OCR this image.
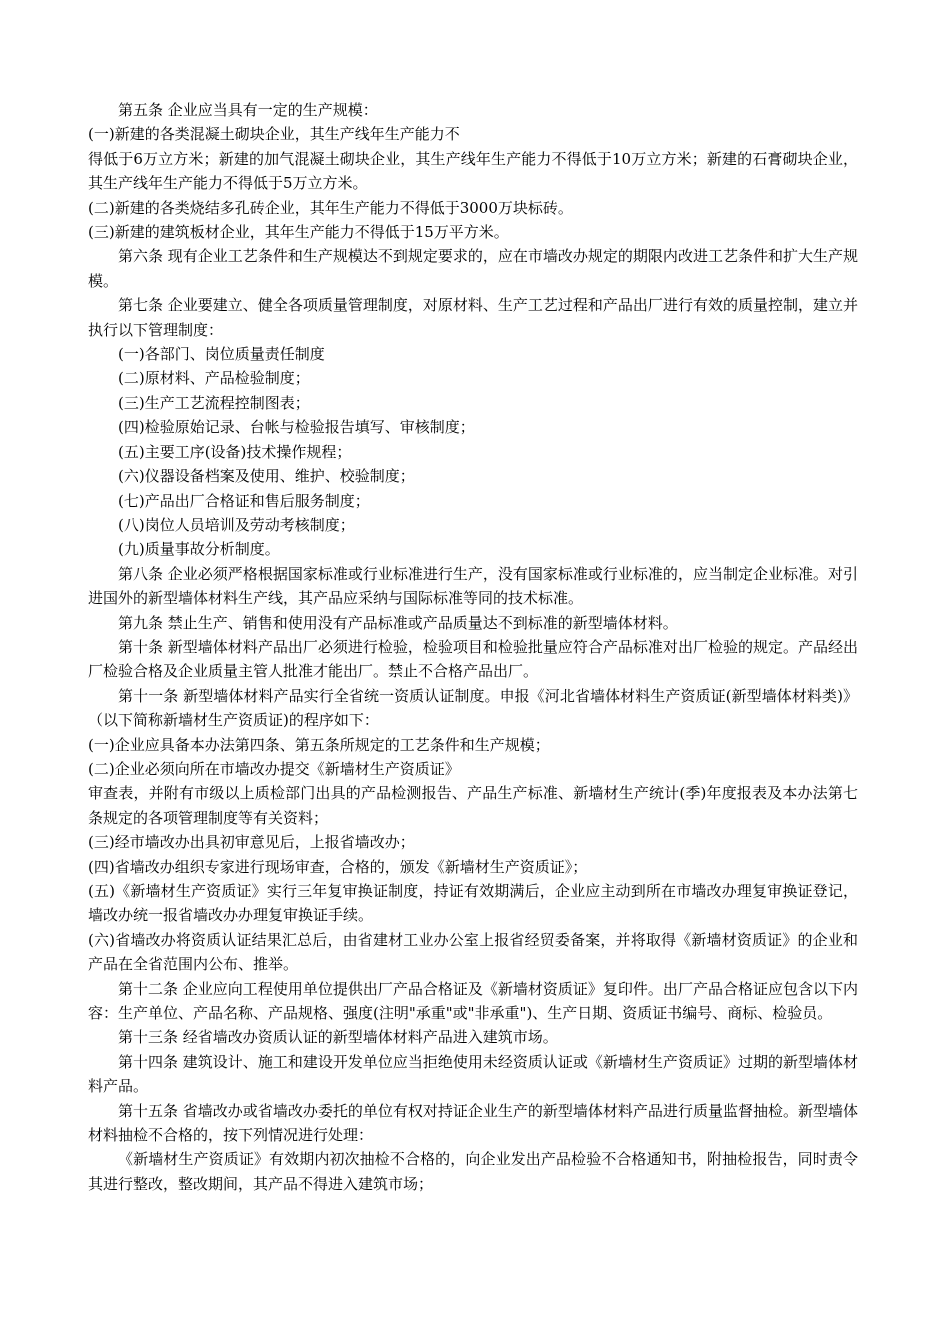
第五条 企业应当具有一定的生产规模：

(一)新建的各类混凝土砌块企业，其生产线年生产能力不

得低于6万立方米；新建的加气混凝土砌块企业，其生产线年生产能力不得低于10万立方米；新建的石膏砌块企业，其生产线年生产能力不得低于5万立方米。

(二)新建的各类烧结多孔砖企业，其年生产能力不得低于3000万块标砖。

(三)新建的建筑板材企业，其年生产能力不得低于15万平方米。

第六条 现有企业工艺条件和生产规模达不到规定要求的，应在市墙改办规定的期限内改进工艺条件和扩大生产规模。

第七条 企业要建立、健全各项质量管理制度，对原材料、生产工艺过程和产品出厂进行有效的质量控制，建立并执行以下管理制度：

(一)各部门、岗位质量责任制度

(二)原材料、产品检验制度；

(三)生产工艺流程控制图表；

(四)检验原始记录、台帐与检验报告填写、审核制度；

(五)主要工序(设备)技术操作规程；

(六)仪器设备档案及使用、维护、校验制度；

(七)产品出厂合格证和售后服务制度；

(八)岗位人员培训及劳动考核制度；

(九)质量事故分析制度。

第八条 企业必须严格根据国家标准或行业标准进行生产，没有国家标准或行业标准的，应当制定企业标准。对引进国外的新型墙体材料生产线，其产品应采纳与国际标准等同的技术标准。

第九条 禁止生产、销售和使用没有产品标准或产品质量达不到标准的新型墙体材料。

第十条 新型墙体材料产品出厂必须进行检验，检验项目和检验批量应符合产品标准对出厂检验的规定。产品经出厂检验合格及企业质量主管人批准才能出厂。禁止不合格产品出厂。

第十一条 新型墙体材料产品实行全省统一资质认证制度。申报《河北省墙体材料生产资质证(新型墙体材料类)》（以下简称新墙材生产资质证)的程序如下：

(一)企业应具备本办法第四条、第五条所规定的工艺条件和生产规模；

(二)企业必须向所在市墙改办提交《新墙材生产资质证》

审查表，并附有市级以上质检部门出具的产品检测报告、产品生产标准、新墙材生产统计(季)年度报表及本办法第七条规定的各项管理制度等有关资料；

(三)经市墙改办出具初审意见后，上报省墙改办；

(四)省墙改办组织专家进行现场审查，合格的，颁发《新墙材生产资质证》；

(五)《新墙材生产资质证》实行三年复审换证制度，持证有效期满后，企业应主动到所在市墙改办理复审换证登记，墙改办统一报省墙改办办理复审换证手续。

(六)省墙改办将资质认证结果汇总后，由省建材工业办公室上报省经贸委备案，并将取得《新墙材资质证》的企业和产品在全省范围内公布、推举。

第十二条 企业应向工程使用单位提供出厂产品合格证及《新墙材资质证》复印件。出厂产品合格证应包含以下内容：生产单位、产品名称、产品规格、强度(注明"承重"或"非承重")、生产日期、资质证书编号、商标、检验员。

第十三条 经省墙改办资质认证的新型墙体材料产品进入建筑市场。

第十四条 建筑设计、施工和建设开发单位应当拒绝使用未经资质认证或《新墙材生产资质证》过期的新型墙体材料产品。

第十五条 省墙改办或省墙改办委托的单位有权对持证企业生产的新型墙体材料产品进行质量监督抽检。新型墙体材料抽检不合格的，按下列情况进行处理：

《新墙材生产资质证》有效期内初次抽检不合格的，向企业发出产品检验不合格通知书，附抽检报告，同时责令其进行整改，整改期间，其产品不得进入建筑市场；
